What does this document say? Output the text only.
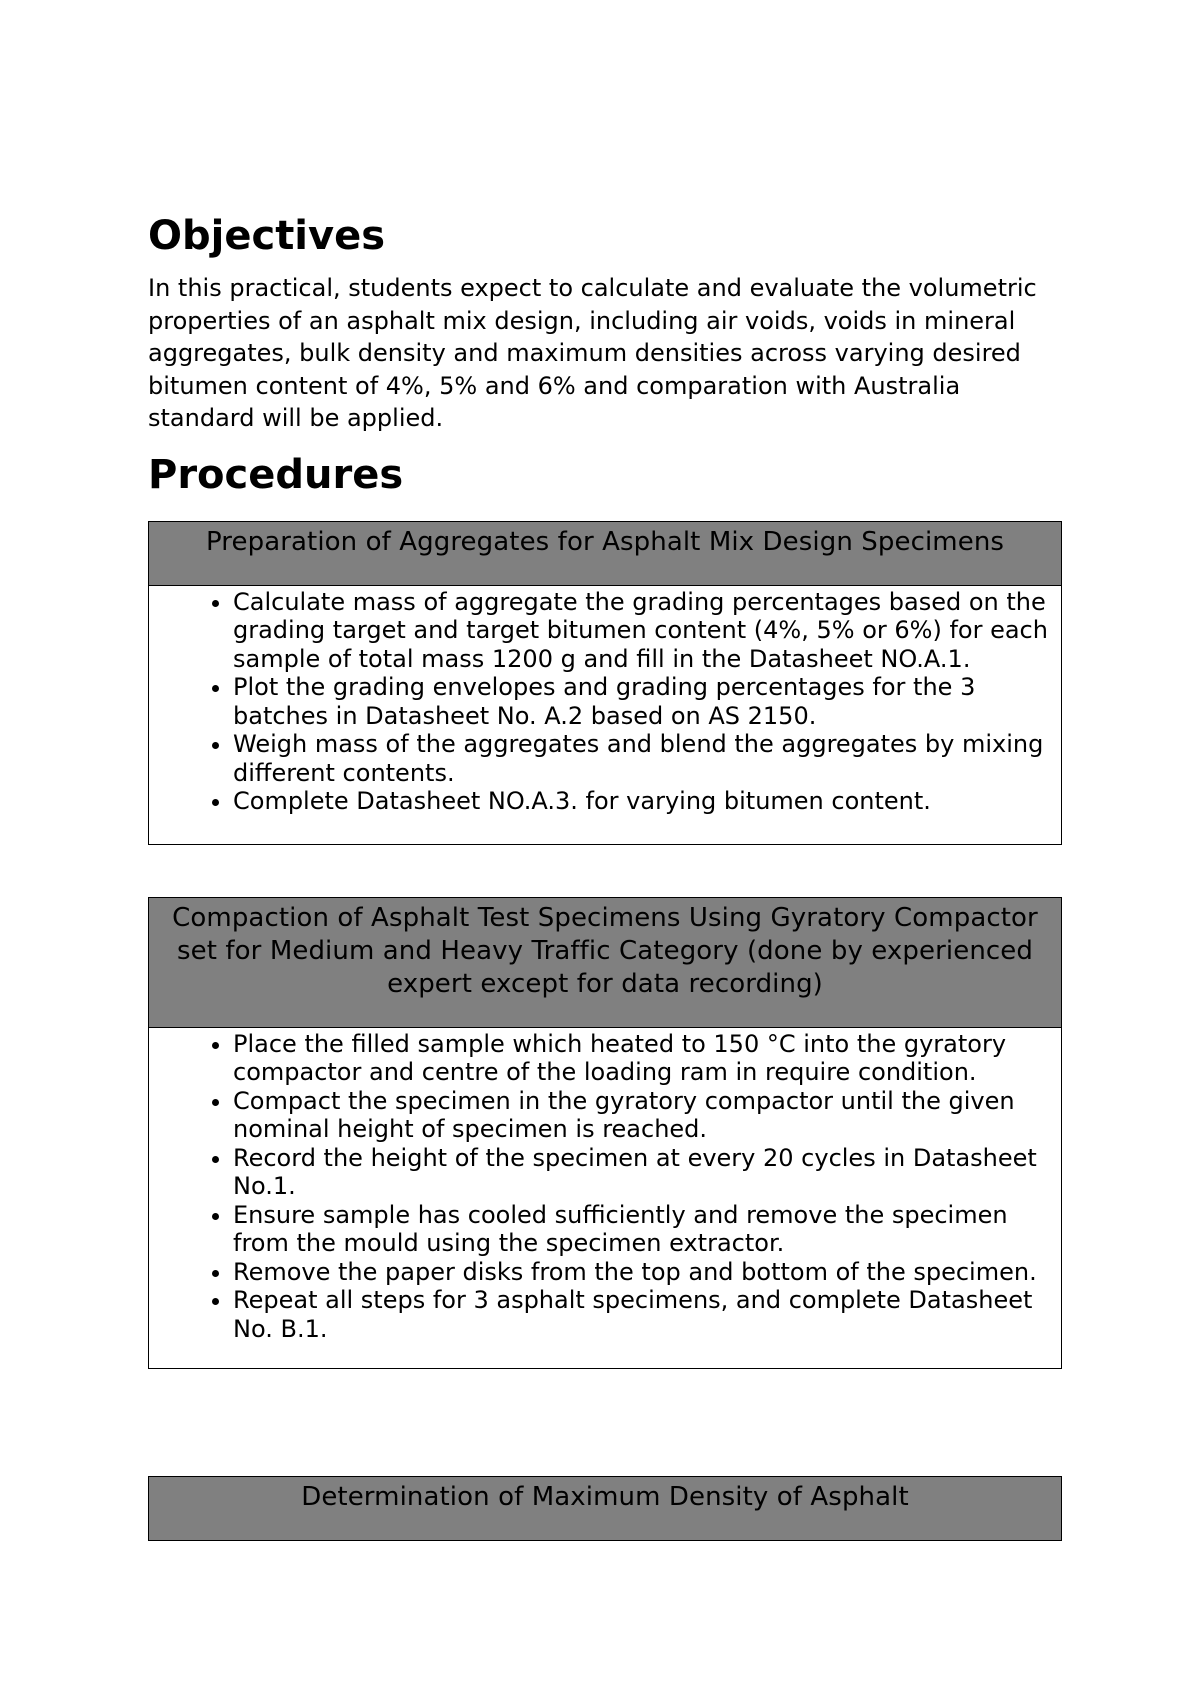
Objectives

In this practical, students expect to calculate and evaluate the volumetric properties of an asphalt mix design, including air voids, voids in mineral aggregates, bulk density and maximum densities across varying desired bitumen content of 4%, 5% and 6% and comparation with Australia standard will be applied.

Procedures
Preparation of Aggregates for Asphalt Mix Design Specimens

• Calculate mass of aggregate the grading percentages based on the grading target and target bitumen content (4%, 5% or 6%) for each sample of total mass 1200 g and fill in the Datasheet NO.A.1.
• Plot the grading envelopes and grading percentages for the 3 batches in Datasheet No. A.2 based on AS 2150.
• Weigh mass of the aggregates and blend the aggregates by mixing different contents.
• Complete Datasheet NO.A.3. for varying bitumen content.
Compaction of Asphalt Test Specimens Using Gyratory Compactor set for Medium and Heavy Traffic Category (done by experienced expert except for data recording)

• Place the filled sample which heated to 150 °C into the gyratory compactor and centre of the loading ram in require condition.
• Compact the specimen in the gyratory compactor until the given nominal height of specimen is reached.
• Record the height of the specimen at every 20 cycles in Datasheet No.1.
• Ensure sample has cooled sufficiently and remove the specimen from the mould using the specimen extractor.
• Remove the paper disks from the top and bottom of the specimen.
• Repeat all steps for 3 asphalt specimens, and complete Datasheet No. B.1.
Determination of Maximum Density of Asphalt
